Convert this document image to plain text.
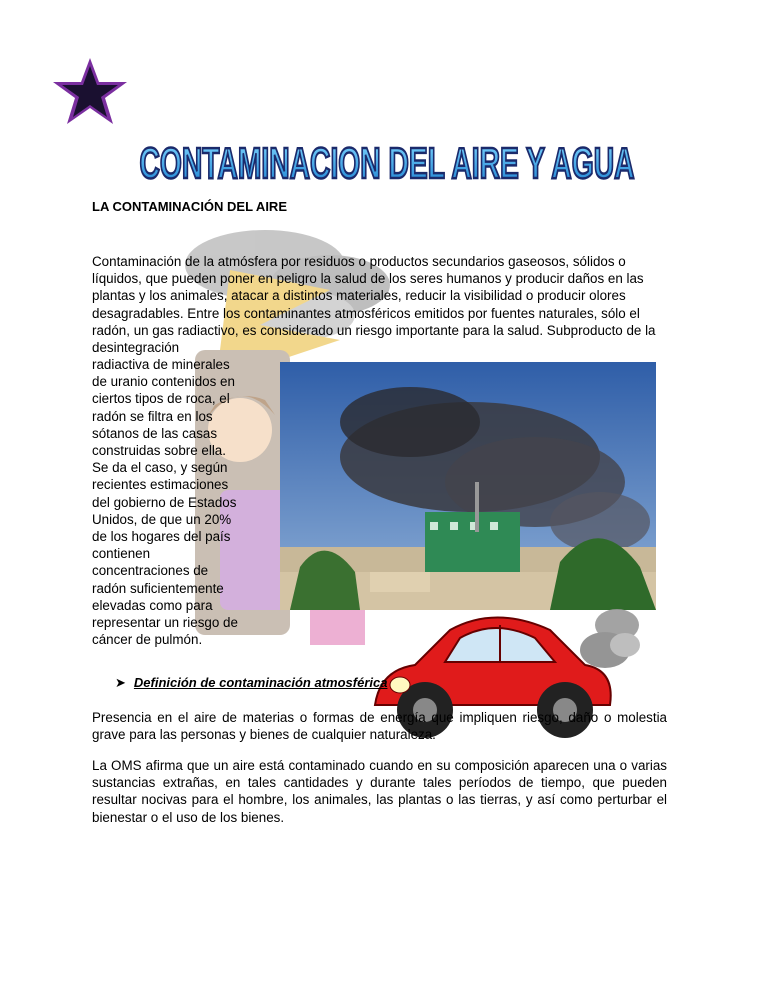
CONTAMINACION DEL AIRE Y AGUA
LA CONTAMINACIÓN DEL AIRE
Contaminación de la atmósfera por residuos o productos secundarios gaseosos, sólidos o líquidos, que pueden poner en peligro la salud de los seres humanos y producir daños en las plantas y los animales, atacar a distintos materiales, reducir la visibilidad o producir olores desagradables. Entre los contaminantes atmosféricos emitidos por fuentes naturales, sólo el radón, un gas radiactivo, es considerado un riesgo importante para la salud. Subproducto de la desintegración
radiactiva de minerales
de uranio contenidos en
ciertos tipos de roca, el
radón se filtra en los
sótanos de las casas
construidas sobre ella.
Se da el caso, y según
recientes estimaciones
del gobierno de Estados
Unidos, de que un 20%
de los hogares del país
contienen
concentraciones de
radón suficientemente
elevadas como para
representar un riesgo de
cáncer de pulmón.
➤ Definición de contaminación atmosférica
Presencia en el aire de materias o formas de energía que impliquen riesgo, daño o molestia grave para las personas y bienes de cualquier naturaleza.
La OMS afirma que un aire está contaminado cuando en su composición aparecen una o varias sustancias extrañas, en tales cantidades y durante tales períodos de tiempo, que pueden resultar nocivas para el hombre, los animales, las plantas o las tierras, y así como perturbar el bienestar o el uso de los bienes.
